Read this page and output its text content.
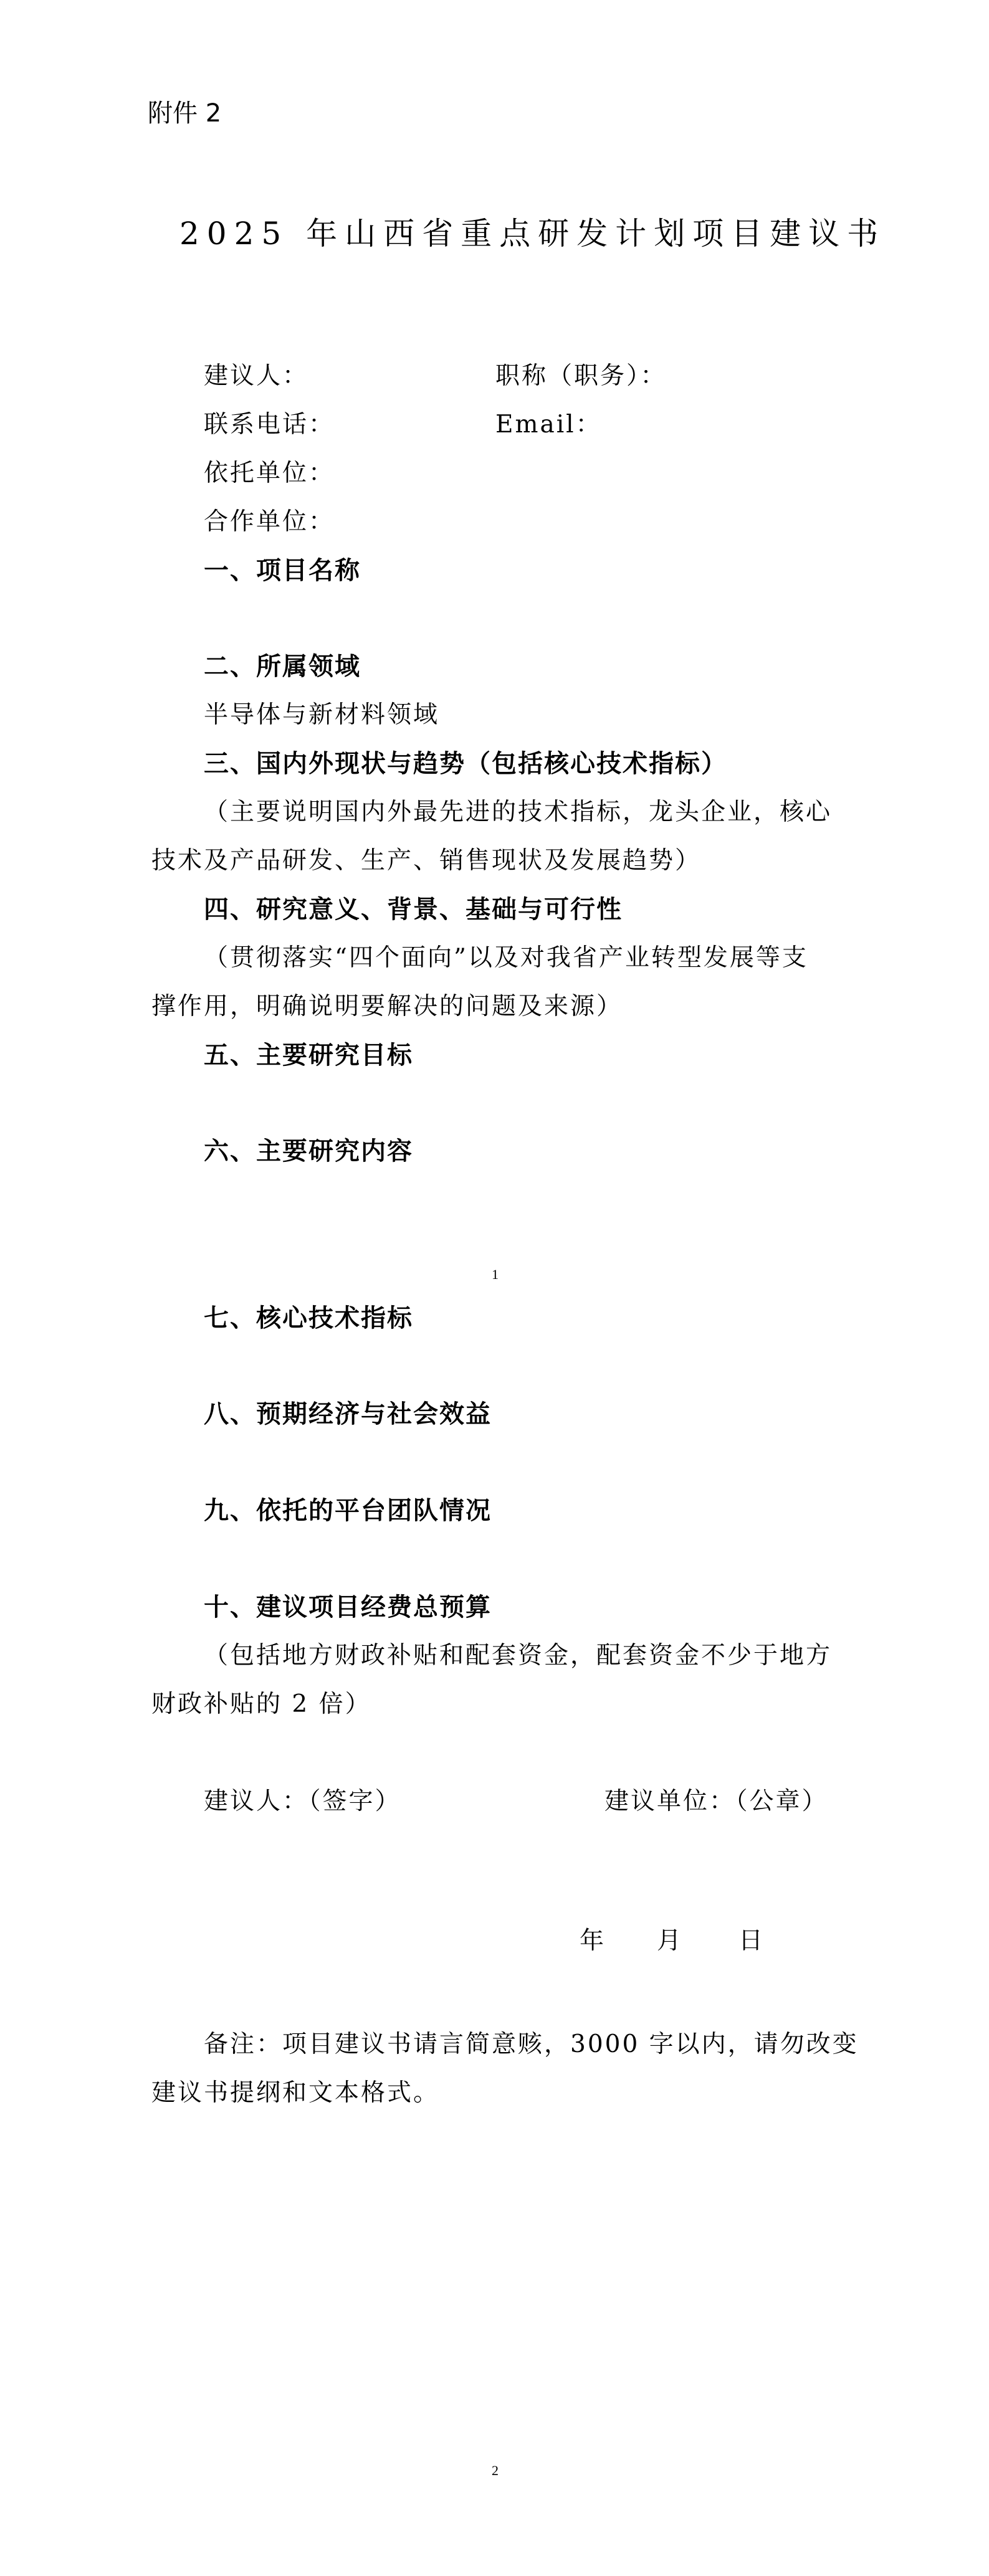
附件 2
2025 年山西省重点研发计划项目建议书
建议人：	职称（职务）：
联系电话：	Email：
依托单位：
合作单位：
一、项目名称
二、所属领域
半导体与新材料领域
三、国内外现状与趋势（包括核心技术指标）
（主要说明国内外最先进的技术指标，龙头企业，核心
技术及产品研发、生产、销售现状及发展趋势）
四、研究意义、背景、基础与可行性
（贯彻落实“四个面向”以及对我省产业转型发展等支
撑作用，明确说明要解决的问题及来源）
五、主要研究目标
六、主要研究内容
1
七、核心技术指标
八、预期经济与社会效益
九、依托的平台团队情况
十、建议项目经费总预算
（包括地方财政补贴和配套资金，配套资金不少于地方
财政补贴的 2 倍）
建议人：（签字）	建议单位：（公章）
年 月 日
备注：项目建议书请言简意赅，3000 字以内，请勿改变
建议书提纲和文本格式。
2
